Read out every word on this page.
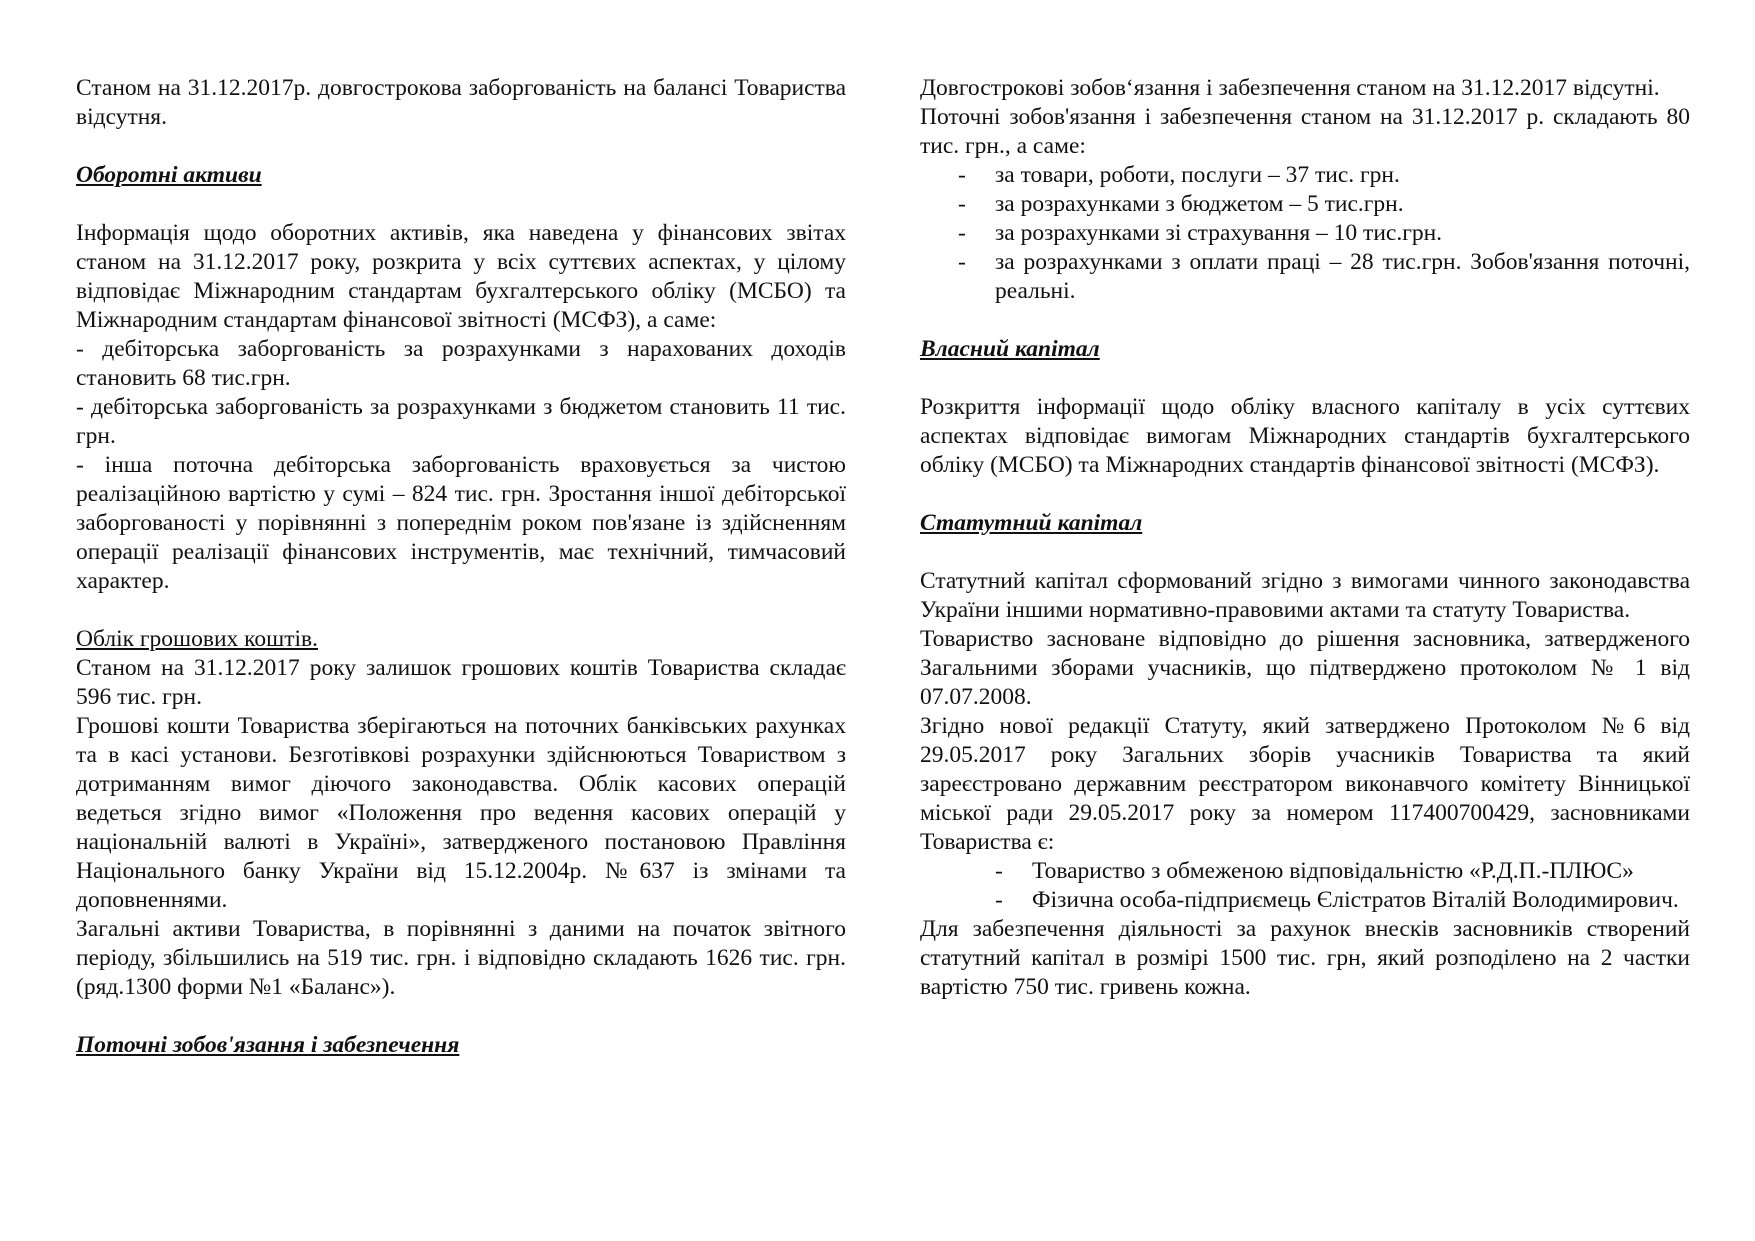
Станом на 31.12.2017р. довгострокова заборгованість на балансі Товариства відсутня.

Оборотні активи

Інформація щодо оборотних активів, яка наведена у фінансових звітах станом на 31.12.2017 року, розкрита у всіх суттєвих аспектах, у цілому відповідає Міжнародним стандартам бухгалтерського обліку (МСБО) та Міжнародним стандартам фінансової звітності (МСФЗ), а саме:

- дебіторська заборгованість за розрахунками з нарахованих доходів становить 68 тис.грн.

- дебіторська заборгованість за розрахунками з бюджетом становить 11 тис. грн.

- інша поточна дебіторська заборгованість враховується за чистою реалізаційною вартістю у сумі – 824 тис. грн. Зростання іншої дебіторської заборгованості у порівнянні з попереднім роком пов'язане із здійсненням операції реалізації фінансових інструментів, має технічний, тимчасовий характер.

Облік грошових коштів.

Станом на 31.12.2017 року залишок грошових коштів Товариства складає 596 тис. грн.

Грошові кошти Товариства зберігаються на поточних банківських рахунках та в касі установи. Безготівкові розрахунки здійснюються Товариством з дотриманням вимог діючого законодавства. Облік касових операцій ведеться згідно вимог «Положення про ведення касових операцій у національній валюті в Україні», затвердженого постановою Правління Національного банку України від 15.12.2004р. №637 із змінами та доповненнями.

Загальні активи Товариства, в порівнянні з даними на початок звітного періоду, збільшились на 519 тис. грн. і відповідно складають 1626 тис. грн. (ряд.1300 форми №1 «Баланс»).

Поточні зобов'язання і забезпечення

Довгострокові зобов‘язання і забезпечення станом на 31.12.2017 відсутні.

Поточні зобов'язання і забезпечення станом на 31.12.2017 р. складають 80 тис. грн., а саме:

- за товари, роботи, послуги – 37 тис. грн.
- за розрахунками з бюджетом – 5 тис.грн.
- за розрахунками зі страхування – 10 тис.грн.
- за розрахунками з оплати праці – 28 тис.грн. Зобов'язання поточні, реальні.
Власний капітал

Розкриття інформації щодо обліку власного капіталу в усіх суттєвих аспектах відповідає вимогам Міжнародних стандартів бухгалтерського обліку (МСБО) та Міжнародних стандартів фінансової звітності (МСФЗ).

Статутний капітал

Статутний капітал сформований згідно з вимогами чинного законодавства України іншими нормативно-правовими актами та статуту Товариства.

Товариство засноване відповідно до рішення засновника, затвердженого Загальними зборами учасників, що підтверджено протоколом № 1 від 07.07.2008.

Згідно нової редакції Статуту, який затверджено Протоколом №6 від 29.05.2017 року Загальних зборів учасників Товариства та який зареєстровано державним реєстратором виконавчого комітету Вінницької міської ради 29.05.2017 року за номером 117400700429, засновниками Товариства є:

- Товариство з обмеженою відповідальністю «Р.Д.П.-ПЛЮС»
- Фізична особа-підприємець Єлістратов Віталій Володимирович.

Для забезпечення діяльності за рахунок внесків засновників створений статутний капітал в розмірі 1500 тис. грн, який розподілено на 2 частки вартістю 750 тис. гривень кожна.
